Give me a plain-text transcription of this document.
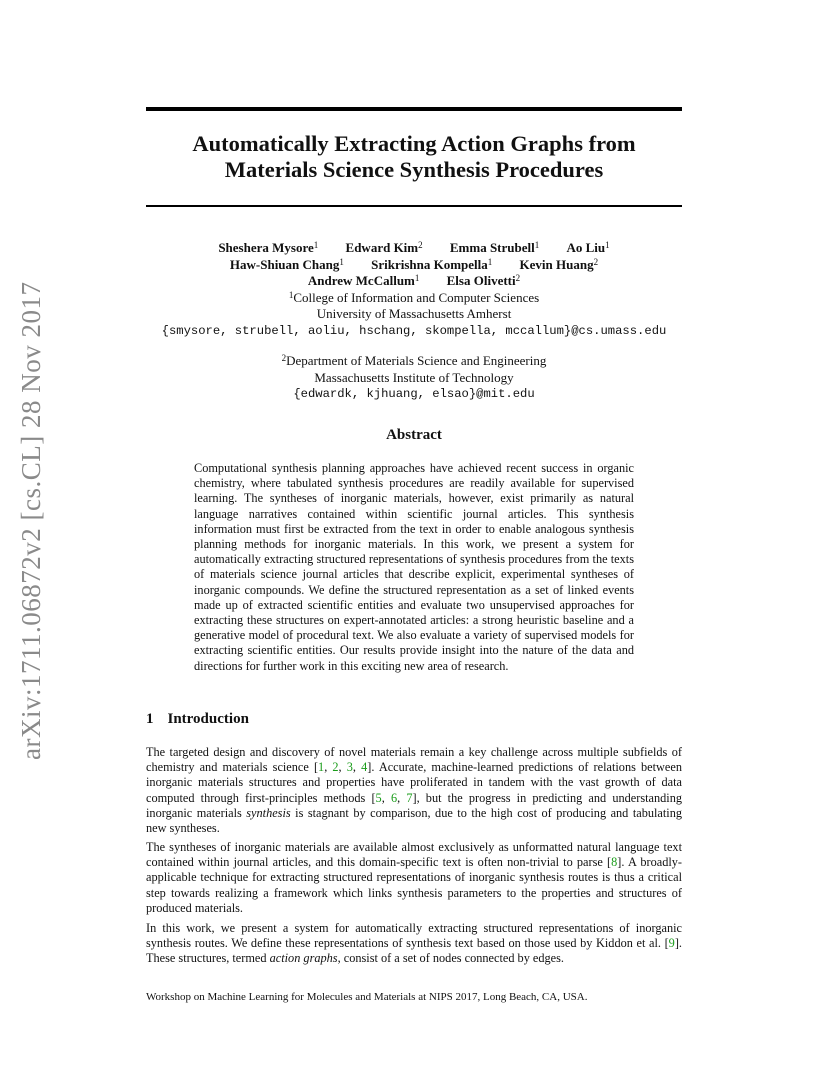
arXiv:1711.06872v2 [cs.CL] 28 Nov 2017
Automatically Extracting Action Graphs from
Materials Science Synthesis Procedures
Sheshera Mysore$^1$ Edward Kim$^2$ Emma Strubell$^1$ Ao Liu$^1$
Haw-Shiuan Chang$^1$ Srikrishna Kompella$^1$ Kevin Huang$^2$
Andrew McCallum$^1$ Elsa Olivetti$^2$
$^1$College of Information and Computer Sciences
University of Massachusetts Amherst
{smysore, strubell, aoliu, hschang, skompella, mccallum}@cs.umass.edu
$^2$Department of Materials Science and Engineering
Massachusetts Institute of Technology
{edwardk, kjhuang, elsao}@mit.edu
Abstract

Computational synthesis planning approaches have achieved recent success in organic chemistry, where tabulated synthesis procedures are readily available for supervised learning. The syntheses of inorganic materials, however, exist primarily as natural language narratives contained within scientific journal articles. This synthesis information must first be extracted from the text in order to enable analogous synthesis planning methods for inorganic materials. In this work, we present a system for automatically extracting structured representations of synthesis procedures from the texts of materials science journal articles that describe explicit, experimental syntheses of inorganic compounds. We define the structured representation as a set of linked events made up of extracted scientific entities and evaluate two unsupervised approaches for extracting these structures on expert-annotated articles: a strong heuristic baseline and a generative model of procedural text. We also evaluate a variety of supervised models for extracting scientific entities. Our results provide insight into the nature of the data and directions for further work in this exciting new area of research.

1 Introduction

The targeted design and discovery of novel materials remain a key challenge across multiple subfields of chemistry and materials science [1, 2, 3, 4]. Accurate, machine-learned predictions of relations between inorganic materials structures and properties have proliferated in tandem with the vast growth of data computed through first-principles methods [5, 6, 7], but the progress in predicting and understanding inorganic materials synthesis is stagnant by comparison, due to the high cost of producing and tabulating new syntheses.

The syntheses of inorganic materials are available almost exclusively as unformatted natural language text contained within journal articles, and this domain-specific text is often non-trivial to parse [8]. A broadly-applicable technique for extracting structured representations of inorganic synthesis routes is thus a critical step towards realizing a framework which links synthesis parameters to the properties and structures of produced materials.

In this work, we present a system for automatically extracting structured representations of inorganic synthesis routes. We define these representations of synthesis text based on those used by Kiddon et al. [9]. These structures, termed action graphs, consist of a set of nodes connected by edges.

Workshop on Machine Learning for Molecules and Materials at NIPS 2017, Long Beach, CA, USA.
